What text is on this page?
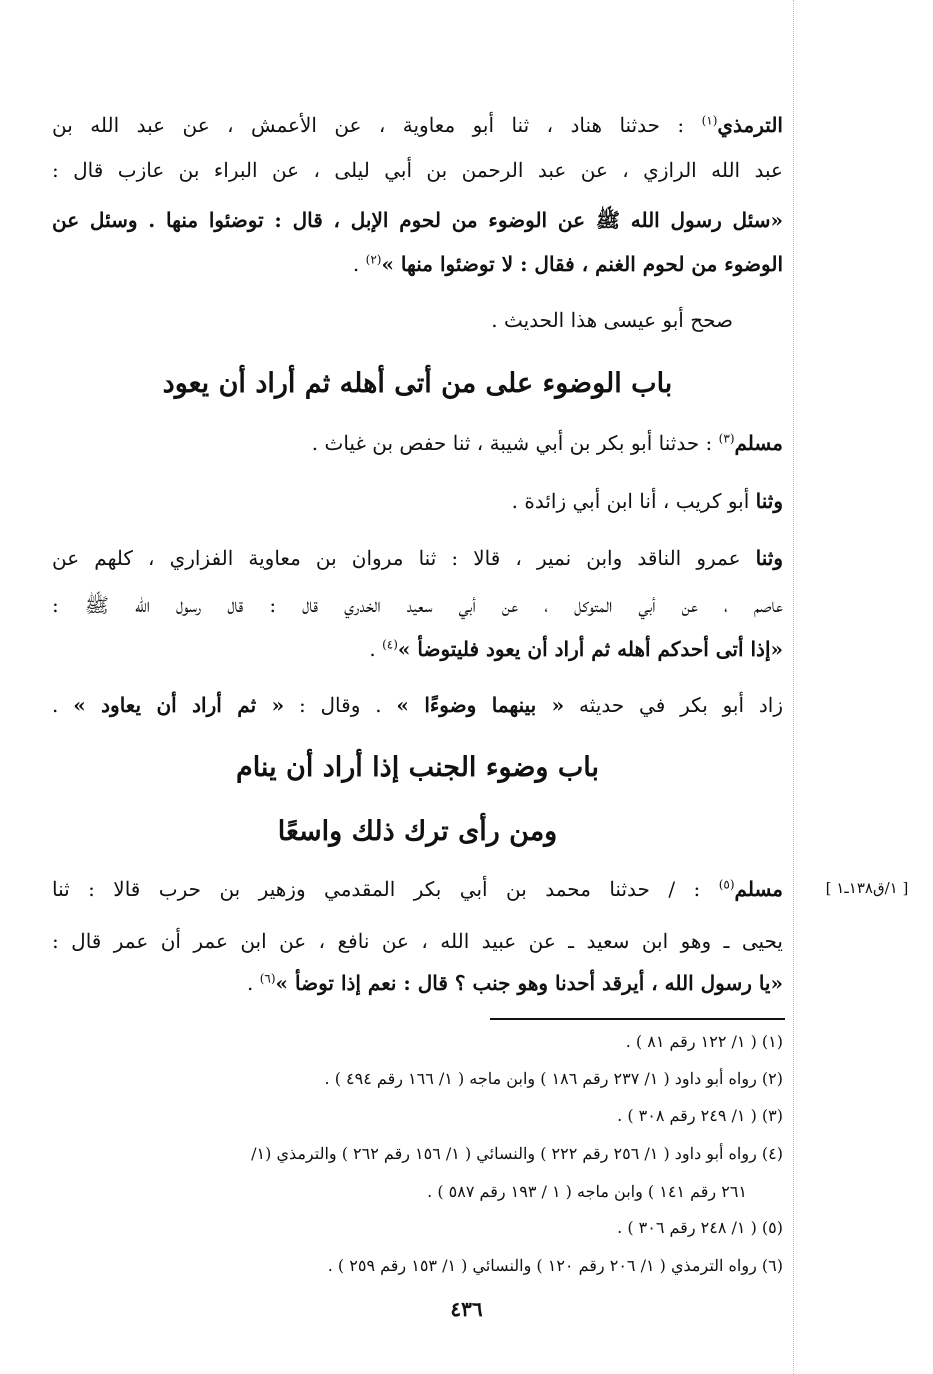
الترمذي$^{(١)}$ : حدثنا هناد ، ثنا أبو معاوية ، عن الأعمش ، عن عبد الله بن
عبد الله الرازي ، عن عبد الرحمن بن أبي ليلى ، عن البراء بن عازب قال :
«سئل رسول الله ﷺ عن الوضوء من لحوم الإبل ، قال : توضئوا منها . وسئل عن
الوضوء من لحوم الغنم ، فقال : لا توضئوا منها »$^{(٢)}$ .
صحح أبو عيسى هذا الحديث .
باب الوضوء على من أتى أهله ثم أراد أن يعود
مسلم$^{(٣)}$ : حدثنا أبو بكر بن أبي شيبة ، ثنا حفص بن غياث .
وثنا أبو كريب ، أنا ابن أبي زائدة .
وثنا عمرو الناقد وابن نمير ، قالا : ثنا مروان بن معاوية الفزاري ، كلهم عن
عاصم ، عن أبي المتوكل ، عن أبي سعيد الخدري قال : قال رسول الله ﷺ :
«إذا أتى أحدكم أهله ثم أراد أن يعود فليتوضأ »$^{(٤)}$ .
زاد أبو بكر في حديثه « بينهما وضوءًا » . وقال : « ثم أراد أن يعاود » .
باب وضوء الجنب إذا أراد أن ينام
ومن رأى ترك ذلك واسعًا
[ ١/ق١٣٨ـ١ ]
مسلم$^{(٥)}$ : / حدثنا محمد بن أبي بكر المقدمي وزهير بن حرب قالا : ثنا
يحيى ـ وهو ابن سعيد ـ عن عبيد الله ، عن نافع ، عن ابن عمر أن عمر قال :
«يا رسول الله ، أيرقد أحدنا وهو جنب ؟ قال : نعم إذا توضأ »$^{(٦)}$ .
(١) ( ١/ ١٢٢ رقم ٨١ ) .
(٢) رواه أبو داود ( ١/ ٢٣٧ رقم ١٨٦ ) وابن ماجه ( ١/ ١٦٦ رقم ٤٩٤ ) .
(٣) ( ١/ ٢٤٩ رقم ٣٠٨ ) .
(٤) رواه أبو داود ( ١/ ٢٥٦ رقم ٢٢٢ ) والنسائي ( ١/ ١٥٦ رقم ٢٦٢ ) والترمذي (١/
٢٦١ رقم ١٤١ ) وابن ماجه ( ١ / ١٩٣ رقم ٥٨٧ ) .
(٥) ( ١/ ٢٤٨ رقم ٣٠٦ ) .
(٦) رواه الترمذي ( ١/ ٢٠٦ رقم ١٢٠ ) والنسائي ( ١/ ١٥٣ رقم ٢٥٩ ) .
٤٣٦
